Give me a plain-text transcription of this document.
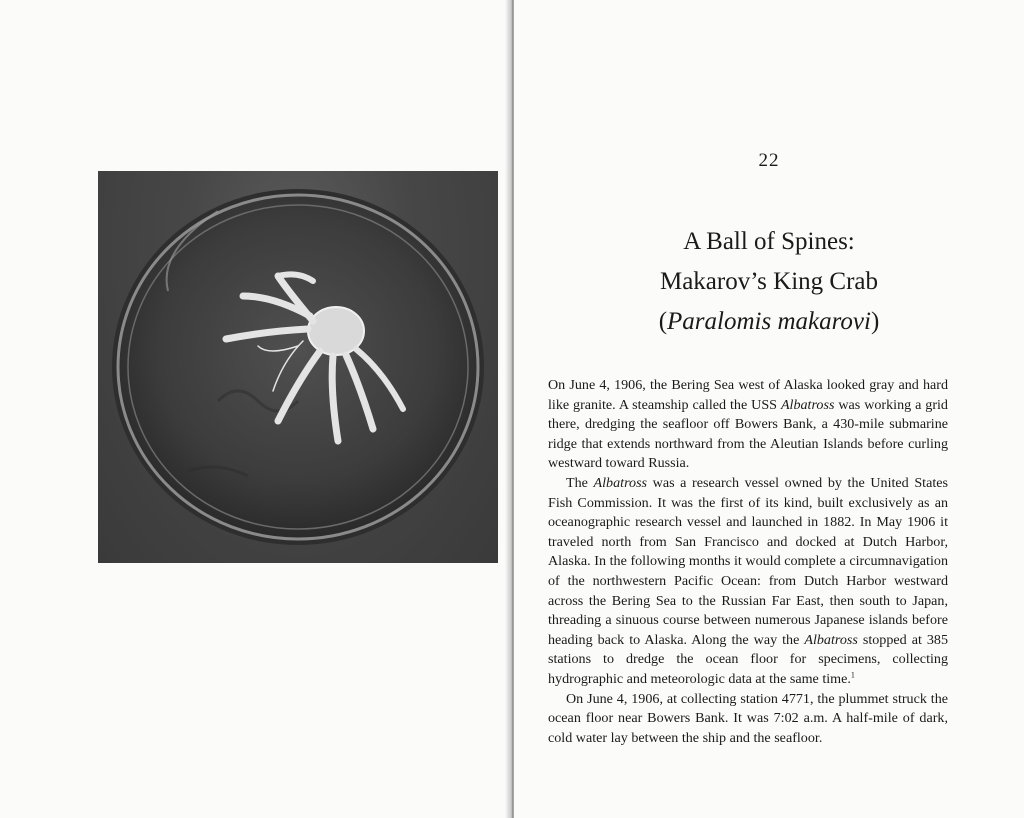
22
A Ball of Spines:
Makarov’s King Crab
(Paralomis makarovi)

On June 4, 1906, the Bering Sea west of Alaska looked gray and hard like granite. A steamship called the USS Albatross was working a grid there, dredging the seafloor off Bowers Bank, a 430-mile submarine ridge that extends northward from the Aleutian Islands before curling westward toward Russia.

The Albatross was a research vessel owned by the United States Fish Commission. It was the first of its kind, built exclusively as an oceanographic research vessel and launched in 1882. In May 1906 it traveled north from San Francisco and docked at Dutch Harbor, Alaska. In the following months it would complete a circumnavigation of the northwestern Pacific Ocean: from Dutch Harbor westward across the Bering Sea to the Russian Far East, then south to Japan, threading a sinuous course between numerous Japanese islands before heading back to Alaska. Along the way the Albatross stopped at 385 stations to dredge the ocean floor for specimens, collecting hydrographic and meteorologic data at the same time.$^1$

On June 4, 1906, at collecting station 4771, the plummet struck the ocean floor near Bowers Bank. It was 7:02 a.m. A half-mile of dark, cold water lay between the ship and the seafloor.
